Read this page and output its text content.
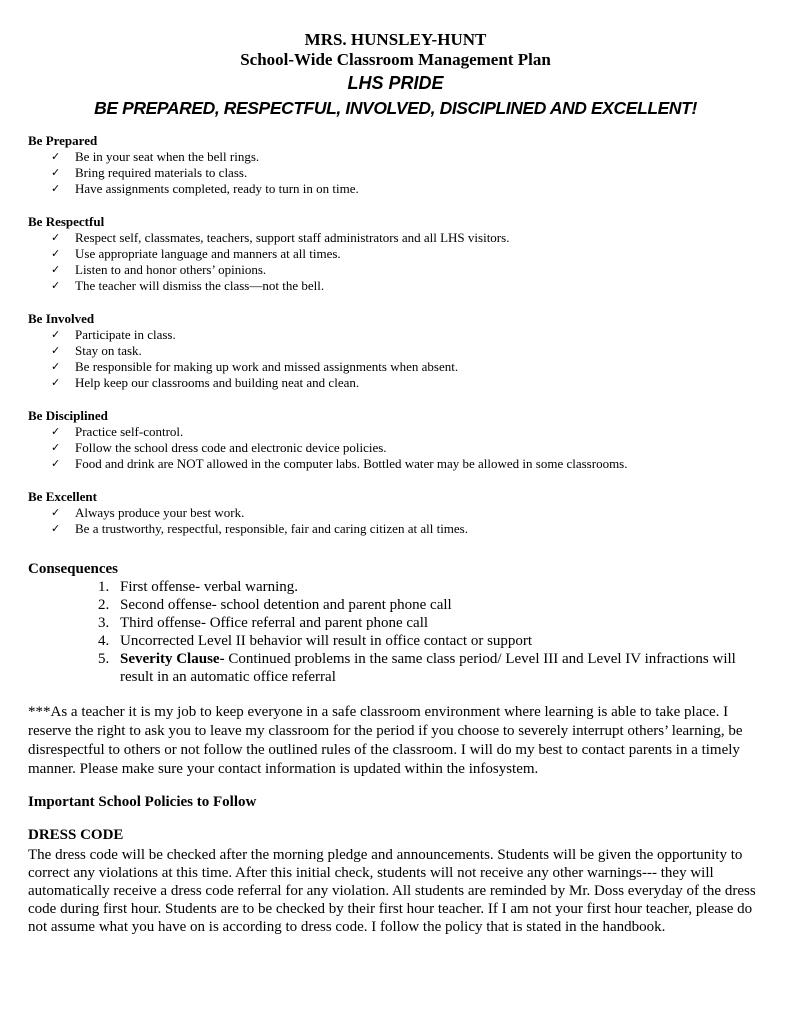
MRS. HUNSLEY-HUNT
School-Wide Classroom Management Plan
LHS PRIDE
BE PREPARED, RESPECTFUL, INVOLVED, DISCIPLINED AND EXCELLENT!
Be Prepared
✓ Be in your seat when the bell rings.
✓ Bring required materials to class.
✓ Have assignments completed, ready to turn in on time.
Be Respectful
✓ Respect self, classmates, teachers, support staff administrators and all LHS visitors.
✓ Use appropriate language and manners at all times.
✓ Listen to and honor others’ opinions.
✓ The teacher will dismiss the class—not the bell.
Be Involved
✓ Participate in class.
✓ Stay on task.
✓ Be responsible for making up work and missed assignments when absent.
✓ Help keep our classrooms and building neat and clean.
Be Disciplined
✓ Practice self-control.
✓ Follow the school dress code and electronic device policies.
✓ Food and drink are NOT allowed in the computer labs. Bottled water may be allowed in some classrooms.
Be Excellent
✓ Always produce your best work.
✓ Be a trustworthy, respectful, responsible, fair and caring citizen at all times.
Consequences
1. First offense- verbal warning.
2. Second offense- school detention and parent phone call
3. Third offense- Office referral and parent phone call
4. Uncorrected Level II behavior will result in office contact or support
5. Severity Clause- Continued problems in the same class period/ Level III and Level IV infractions will result in an automatic office referral
***As a teacher it is my job to keep everyone in a safe classroom environment where learning is able to take place. I reserve the right to ask you to leave my classroom for the period if you choose to severely interrupt others’ learning, be disrespectful to others or not follow the outlined rules of the classroom. I will do my best to contact parents in a timely manner. Please make sure your contact information is updated within the infosystem.
Important School Policies to Follow
DRESS CODE
The dress code will be checked after the morning pledge and announcements. Students will be given the opportunity to correct any violations at this time. After this initial check, students will not receive any other warnings--- they will automatically receive a dress code referral for any violation. All students are reminded by Mr. Doss everyday of the dress code during first hour. Students are to be checked by their first hour teacher. If I am not your first hour teacher, please do not assume what you have on is according to dress code. I follow the policy that is stated in the handbook.
